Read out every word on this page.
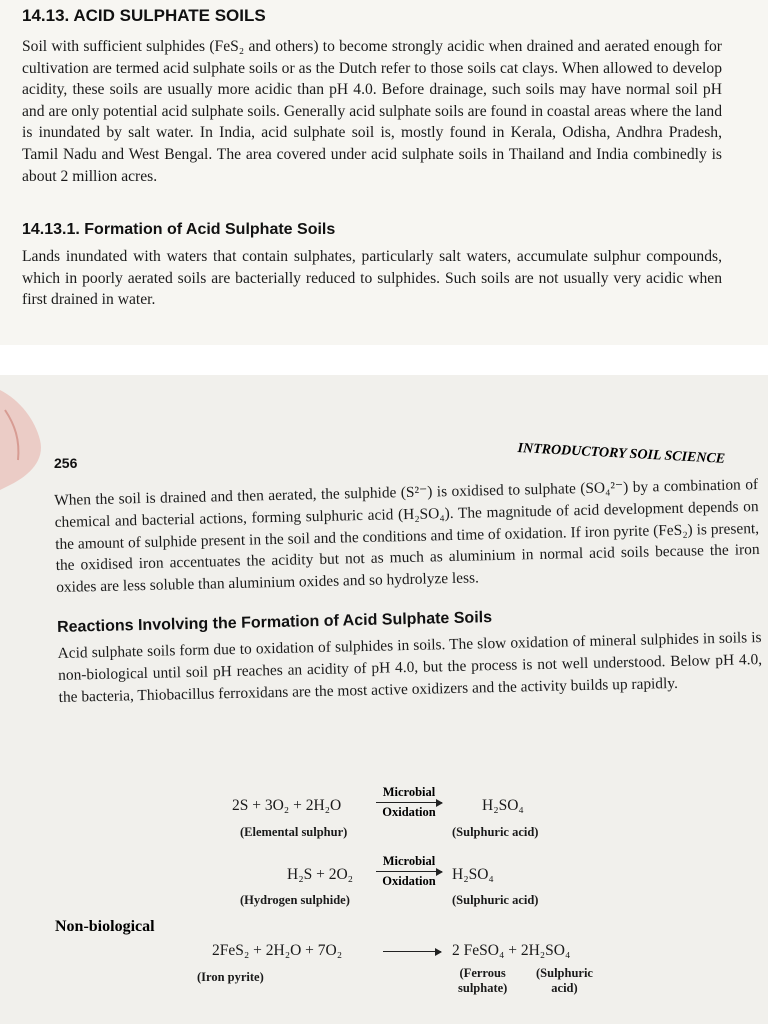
14.13. ACID SULPHATE SOILS

Soil with sufficient sulphides (FeS₂ and others) to become strongly acidic when drained and aerated enough for cultivation are termed acid sulphate soils or as the Dutch refer to those soils cat clays. When allowed to develop acidity, these soils are usually more acidic than pH 4.0. Before drainage, such soils may have normal soil pH and are only potential acid sulphate soils. Generally acid sulphate soils are found in coastal areas where the land is inundated by salt water. In India, acid sulphate soil is, mostly found in Kerala, Odisha, Andhra Pradesh, Tamil Nadu and West Bengal. The area covered under acid sulphate soils in Thailand and India combinedly is about 2 million acres.

14.13.1. Formation of Acid Sulphate Soils

Lands inundated with waters that contain sulphates, particularly salt waters, accumulate sulphur compounds, which in poorly aerated soils are bacterially reduced to sulphides. Such soils are not usually very acidic when first drained in water.

256	INTRODUCTORY SOIL SCIENCE

When the soil is drained and then aerated, the sulphide (S²⁻) is oxidised to sulphate (SO₄²⁻) by a combination of chemical and bacterial actions, forming sulphuric acid (H₂SO₄). The magnitude of acid development depends on the amount of sulphide present in the soil and the conditions and time of oxidation. If iron pyrite (FeS₂) is present, the oxidised iron accentuates the acidity but not as much as aluminium in normal acid soils because the iron oxides are less soluble than aluminium oxides and so hydrolyze less.

Reactions Involving the Formation of Acid Sulphate Soils

Acid sulphate soils form due to oxidation of sulphides in soils. The slow oxidation of mineral sulphides in soils is non-biological until soil pH reaches an acidity of pH 4.0, but the process is not well understood. Below pH 4.0, the bacteria, Thiobacillus ferroxidans are the most active oxidizers and the activity builds up rapidly.

2S + 3O₂ + 2H₂O
(Elemental sulphur)
Microbial
Oxidation	H₂SO₄
(Sulphuric acid)
H₂S + 2O₂
(Hydrogen sulphide)
Microbial
Oxidation	H₂SO₄
(Sulphuric acid)
Non-biological
2FeS₂ + 2H₂O + 7O₂
(Iron pyrite)
2 FeSO₄ + 2H₂SO₄
(Ferrous
sulphate)
(Sulphuric
acid)
